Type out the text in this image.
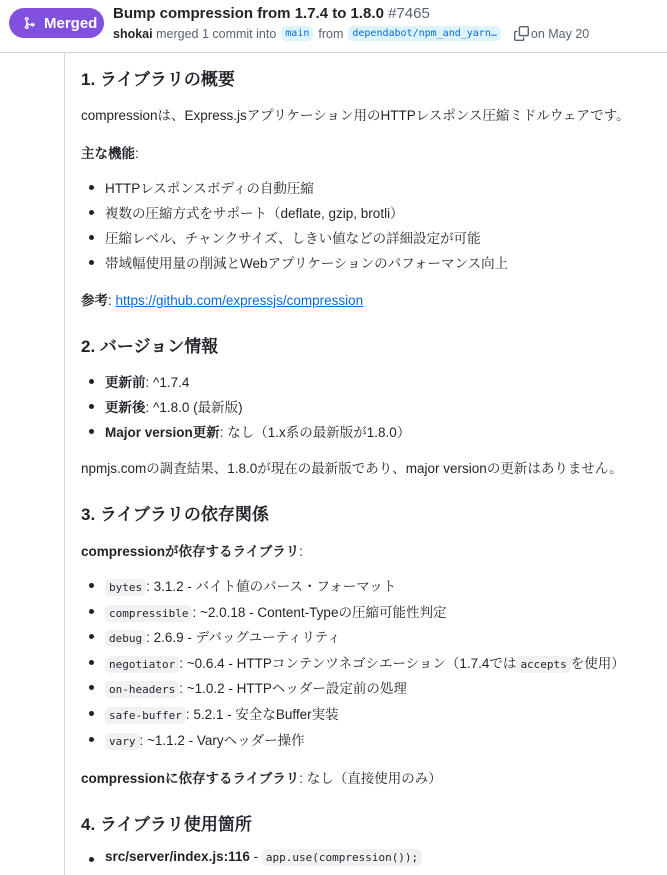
Merged
Bump compression from 1.7.4 to 1.8.0 #7465
shokai
merged 1 commit into main from dependabot/npm_and_yarn…	on May 20
1. ライブラリの概要

compressionは、Express.jsアプリケーション用のHTTPレスポンス圧縮ミドルウェアです。

主な機能:

HTTPレスポンスボディの自動圧縮
複数の圧縮方式をサポート（deflate, gzip, brotli）
圧縮レベル、チャンクサイズ、しきい値などの詳細設定が可能
帯域幅使用量の削減とWebアプリケーションのパフォーマンス向上

参考: https://github.com/expressjs/compression

2. バージョン情報
更新前: ^1.7.4
更新後: ^1.8.0 (最新版)
Major version更新: なし（1.x系の最新版が1.8.0）

npmjs.comの調査結果、1.8.0が現在の最新版であり、major versionの更新はありません。

3. ライブラリの依存関係

compressionが依存するライブラリ:

bytes : 3.1.2 - バイト値のパース・フォーマット
compressible : ~2.0.18 - Content-Typeの圧縮可能性判定
debug : 2.6.9 - デバッグユーティリティ
negotiator : ~0.6.4 - HTTPコンテンツネゴシエーション（1.7.4では accepts を使用）
on-headers : ~1.0.2 - HTTPヘッダー設定前の処理
safe-buffer : 5.2.1 - 安全なBuffer実装
vary : ~1.1.2 - Varyヘッダー操作

compressionに依存するライブラリ: なし（直接使用のみ）

4. ライブラリ使用箇所
src/server/index.js:116 - app.use(compression());
